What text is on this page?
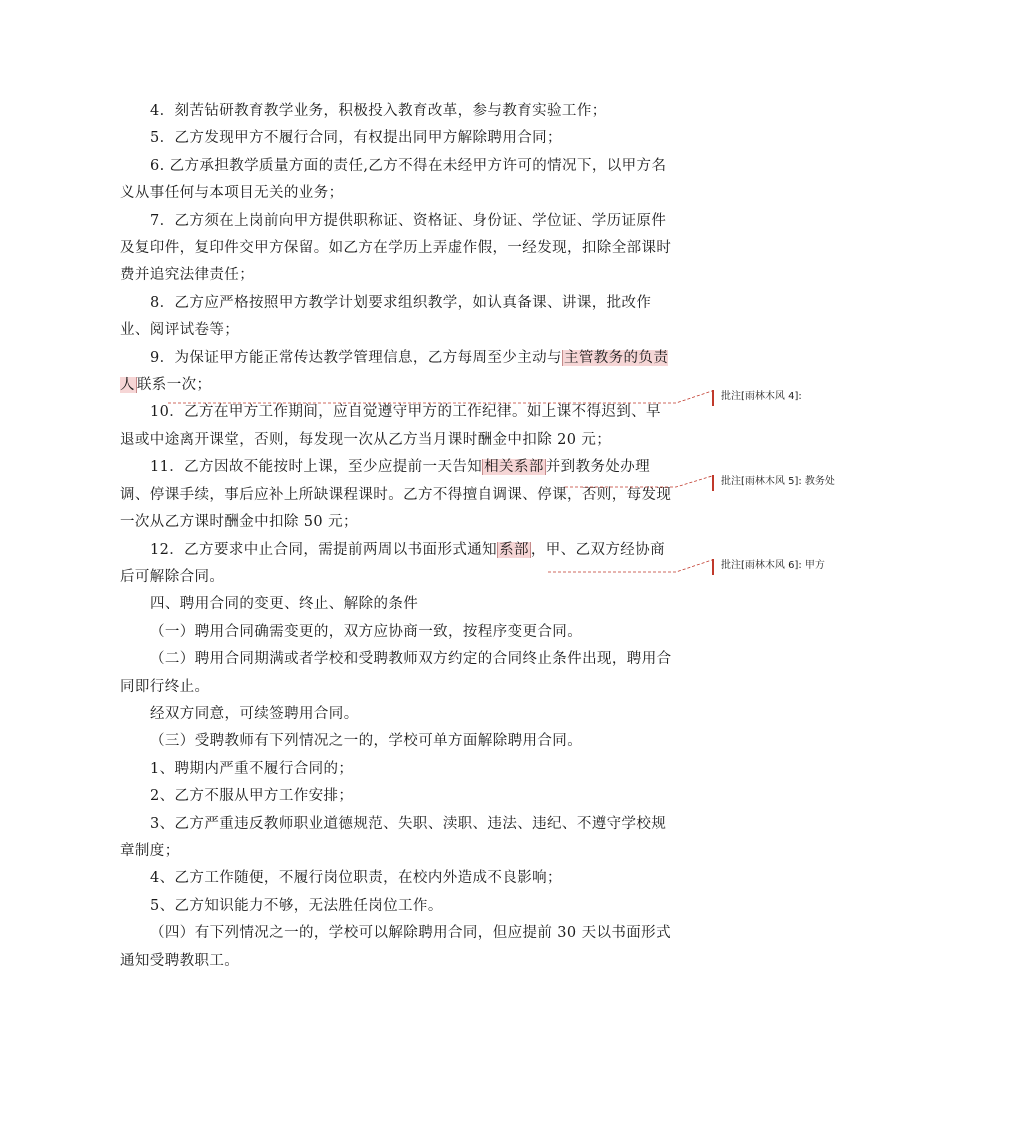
4．刻苦钻研教育教学业务，积极投入教育改革，参与教育实验工作；

5．乙方发现甲方不履行合同，有权提出同甲方解除聘用合同；

6. 乙方承担教学质量方面的责任,乙方不得在未经甲方许可的情况下，以甲方名义从事任何与本项目无关的业务；

7．乙方须在上岗前向甲方提供职称证、资格证、身份证、学位证、学历证原件及复印件，复印件交甲方保留。如乙方在学历上弄虚作假，一经发现，扣除全部课时费并追究法律责任；

8．乙方应严格按照甲方教学计划要求组织教学，如认真备课、讲课，批改作业、阅评试卷等；

9．为保证甲方能正常传达教学管理信息，乙方每周至少主动与 主管教务的负责人 联系一次；

10．乙方在甲方工作期间，应自觉遵守甲方的工作纪律。如上课不得迟到、早退或中途离开课堂，否则，每发现一次从乙方当月课时酬金中扣除 20 元；

11．乙方因故不能按时上课，至少应提前一天告知 相关系部 并到教务处办理调、停课手续，事后应补上所缺课程课时。乙方不得擅自调课、停课，否则，每发现一次从乙方课时酬金中扣除 50 元；

12．乙方要求中止合同，需提前两周以书面形式通知 系部 ，甲、乙双方经协商后可解除合同。

四、聘用合同的变更、终止、解除的条件

（一）聘用合同确需变更的，双方应协商一致，按程序变更合同。

（二）聘用合同期满或者学校和受聘教师双方约定的合同终止条件出现，聘用合同即行终止。

经双方同意，可续签聘用合同。

（三）受聘教师有下列情况之一的，学校可单方面解除聘用合同。

1、聘期内严重不履行合同的；

2、乙方不服从甲方工作安排；

3、乙方严重违反教师职业道德规范、失职、渎职、违法、违纪、不遵守学校规章制度；

4、乙方工作随便，不履行岗位职责，在校内外造成不良影响；

5、乙方知识能力不够，无法胜任岗位工作。

（四）有下列情况之一的，学校可以解除聘用合同，但应提前 30 天以书面形式通知受聘教职工。

批注[雨林木风 4]:
批注[雨林木风 5]: 教务处
批注[雨林木风 6]: 甲方
